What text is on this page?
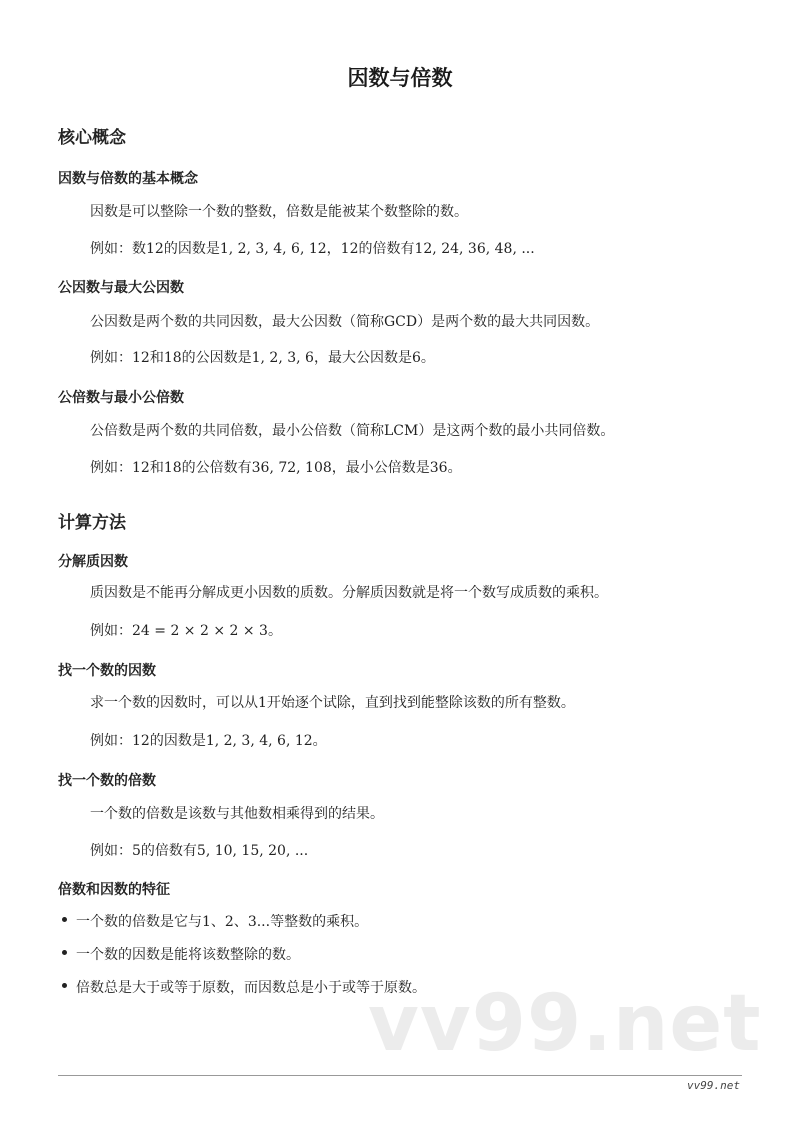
因数与倍数
核心概念
因数与倍数的基本概念

因数是可以整除一个数的整数，倍数是能被某个数整除的数。

例如：数12的因数是1, 2, 3, 4, 6, 12，12的倍数有12, 24, 36, 48, ...

公因数与最大公因数

公因数是两个数的共同因数，最大公因数（简称GCD）是两个数的最大共同因数。

例如：12和18的公因数是1, 2, 3, 6，最大公因数是6。

公倍数与最小公倍数

公倍数是两个数的共同倍数，最小公倍数（简称LCM）是这两个数的最小共同倍数。

例如：12和18的公倍数有36, 72, 108，最小公倍数是36。

计算方法
分解质因数

质因数是不能再分解成更小因数的质数。分解质因数就是将一个数写成质数的乘积。

例如：24 = 2 × 2 × 2 × 3。

找一个数的因数

求一个数的因数时，可以从1开始逐个试除，直到找到能整除该数的所有整数。

例如：12的因数是1, 2, 3, 4, 6, 12。

找一个数的倍数

一个数的倍数是该数与其他数相乘得到的结果。

例如：5的倍数有5, 10, 15, 20, ...

倍数和因数的特征
一个数的倍数是它与1、2、3...等整数的乘积。
一个数的因数是能将该数整除的数。
倍数总是大于或等于原数，而因数总是小于或等于原数。
vv99.net
vv99.net
